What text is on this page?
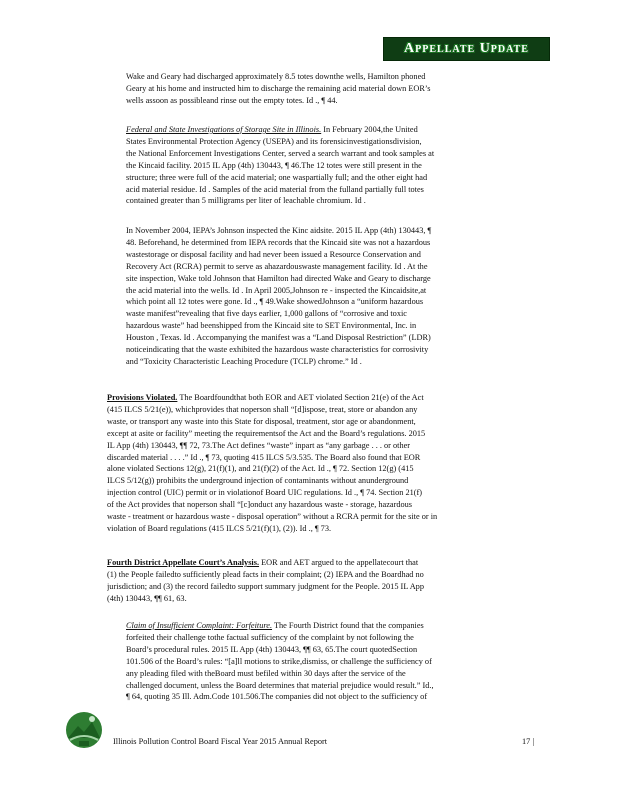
Appellate Update
Wake and Geary had discharged approximately 8.5 totes downthe wells, Hamilton phoned
Geary at his home and instructed him to discharge the remaining acid material down EOR’s
wells assoon as possibleand rinse out the empty totes. Id ., ¶ 44.
Federal and State Investigations of Storage Site in Illinois. In February 2004,the United
States Environmental Protection Agency (USEPA) and its forensicinvestigationsdivision,
the National Enforcement Investigations Center, served a search warrant and took samples at
the Kincaid facility. 2015 IL App (4th) 130443, ¶ 46.The 12 totes were still present in the
structure; three were full of the acid material; one waspartially full; and the other eight had
acid material residue. Id . Samples of the acid material from the fulland partially full totes
contained greater than 5 milligrams per liter of leachable chromium. Id .
In November 2004, IEPA’s Johnson inspected the Kinc aidsite. 2015 IL App (4th) 130443, ¶
48. Beforehand, he determined from IEPA records that the Kincaid site was not a hazardous
wastestorage or disposal facility and had never been issued a Resource Conservation and
Recovery Act (RCRA) permit to serve as ahazardouswaste management facility. Id . At the
site inspection, Wake told Johnson that Hamilton had directed Wake and Geary to discharge
the acid material into the wells. Id . In April 2005,Johnson re - inspected the Kincaidsite,at
which point all 12 totes were gone. Id ., ¶ 49.Wake showedJohnson a “uniform hazardous
waste manifest”revealing that five days earlier, 1,000 gallons of “corrosive and toxic
hazardous waste” had beenshipped from the Kincaid site to SET Environmental, Inc. in
Houston , Texas. Id . Accompanying the manifest was a “Land Disposal Restriction” (LDR)
noticeindicating that the waste exhibited the hazardous waste characteristics for corrosivity
and “Toxicity Characteristic Leaching Procedure (TCLP) chrome.” Id .
Provisions Violated. The Boardfoundthat both EOR and AET violated Section 21(e) of the Act
(415 ILCS 5/21(e)), whichprovides that noperson shall “[d]ispose, treat, store or abandon any
waste, or transport any waste into this State for disposal, treatment, stor age or abandonment,
except at asite or facility” meeting the requirementsof the Act and the Board’s regulations. 2015
IL App (4th) 130443, ¶¶ 72, 73.The Act defines “waste” inpart as “any garbage . . . or other
discarded material . . . .” Id ., ¶ 73, quoting 415 ILCS 5/3.535. The Board also found that EOR
alone violated Sections 12(g), 21(f)(1), and 21(f)(2) of the Act. Id ., ¶ 72. Section 12(g) (415
ILCS 5/12(g)) prohibits the underground injection of contaminants without anunderground
injection control (UIC) permit or in violationof Board UIC regulations. Id ., ¶ 74. Section 21(f)
of the Act provides that noperson shall “[c]onduct any hazardous waste - storage, hazardous
waste - treatment or hazardous waste - disposal operation” without a RCRA permit for the site or in
violation of Board regulations (415 ILCS 5/21(f)(1), (2)). Id ., ¶ 73.
Fourth District Appellate Court’s Analysis. EOR and AET argued to the appellatecourt that
(1) the People failedto sufficiently plead facts in their complaint; (2) IEPA and the Boardhad no
jurisdiction; and (3) the record failedto support summary judgment for the People. 2015 IL App
(4th) 130443, ¶¶ 61, 63.
Claim of Insufficient Complaint: Forfeiture. The Fourth District found that the companies
forfeited their challenge tothe factual sufficiency of the complaint by not following the
Board’s procedural rules. 2015 IL App (4th) 130443, ¶¶ 63, 65.The court quotedSection
101.506 of the Board’s rules: “[a]ll motions to strike,dismiss, or challenge the sufficiency of
any pleading filed with theBoard must befiled within 30 days after the service of the
challenged document, unless the Board determines that material prejudice would result.” Id.,
¶ 64, quoting 35 Ill. Adm.Code 101.506.The companies did not object to the sufficiency of
Illinois Pollution Control Board Fiscal Year 2015 Annual Report	17 |
